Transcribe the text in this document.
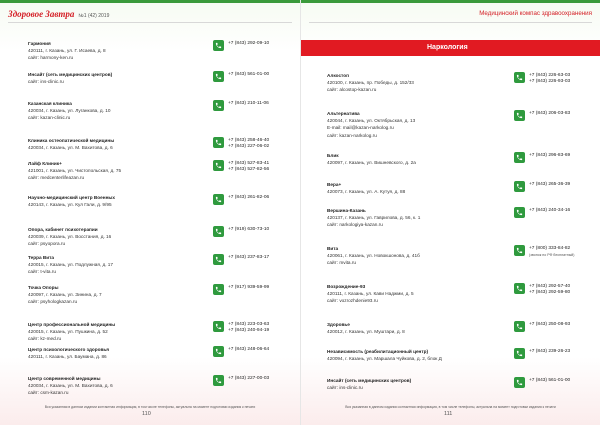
Здоровое Завтра №1 (42) 2019
Гармония
420111, г. Казань, ул. Г. Исаева, д. 8
сайт: harmony-ken.ru
+7 (843) 292-09-10
Инсайт (сеть медицинских центров)
сайт: ins-clinic.ru
+7 (843) 561-01-00
Казанская клиника
420034, г. Казань, ул. Луганкова, д. 10
сайт: kazan-clinic.ru
+7 (843) 210-11-06
Клиника остеопатической медицины
420034, г. Казань, ул. М. Вахитова, д. 6
+7 (843) 258-46-40
+7 (843) 227-06-02
Лайф Клиник+
421001, г. Казань, ул. Чистопольская, д. 75
сайт: medcenterlifeazan.ru
+7 (843) 527-83-41
+7 (843) 527-82-56
Научно-медицинский центр Военных
420143, г. Казань, ул. Кул Гали, д. 9/95
+7 (843) 261-82-06
Опора, кабинет психотерапии
420039, г. Казань, ул. Восстания, д. 16
сайт: psyopora.ru
+7 (919) 630-73-10
Терра Вита
420015, г. Казань, ул. Подлужная, д. 17
сайт: t-vita.ru
+7 (843) 237-83-17
Точка Опоры
420097, г. Казань, ул. Зинина, д. 7
сайт: psyhologkazan.ru
+7 (917) 939-59-99
Центр профессиональной медицины
420015, г. Казань, ул. Пушкина, д. 52
сайт: kz-med.ru
+7 (843) 223-03-63
+7 (843) 240-94-19
Центр психологического здоровья
420111, г. Казань, ул. Баумана, д. 86
+7 (843) 248-06-64
Центр современной медицины
420034, г. Казань, ул. М. Вахитова, д. 6
сайт: csm-kazan.ru
+7 (843) 227-00-03
Вся указанная в данном издании контактная информация, в том числе телефоны, актуальна на момент подготовки издания к печати
110
Медицинский компас здравоохранения
Наркология
Алкостоп
420100, г. Казань, пр. Победы, д. 152/33
сайт: alcostop-kazan.ru
+7 (843) 226-63-03
+7 (843) 226-93-03
Альтернатива
420044, г. Казань, ул. Октябрьская, д. 13
E-mail: mail@kazan-narkolog.ru
сайт: kazan-narkolog.ru
+7 (843) 206-03-83
Блик
420097, г. Казань, ул. Вишневского, д. 2а
+7 (843) 296-83-69
Вера+
420073, г. Казань, ул. А. Кутуя, д. 88
+7 (843) 265-36-39
Вершина-Казань
420137, г. Казань, ул. Гаврилова, д. 56, к. 1
сайт: narkologiya-kazan.ru
+7 (843) 240-34-16
Вита
420061, г. Казань, ул. Новокшонова, д. 41б
сайт: mvita.ru
+7 (800) 333-84-82
(звонок по РФ бесплатный)
Возрождение-93
420111, г. Казань, ул. Кави Наджми, д. 5
сайт: vozrozhdenie93.ru
+7 (843) 292-57-40
+7 (843) 292-59-80
Здоровье
420012, г. Казань, ул. Муштари, д. 8
+7 (843) 250-08-93
Независимость (реабилитационный центр)
420094, г. Казань, ул. Маршала Чуйкова, д. 2, блок Д
+7 (843) 239-26-23
Инсайт (сеть медицинских центров)
сайт: ins-clinic.ru
+7 (843) 561-01-00
Вся указанная в данном издании контактная информация, в том числе телефоны, актуальна на момент подготовки издания к печати
111
